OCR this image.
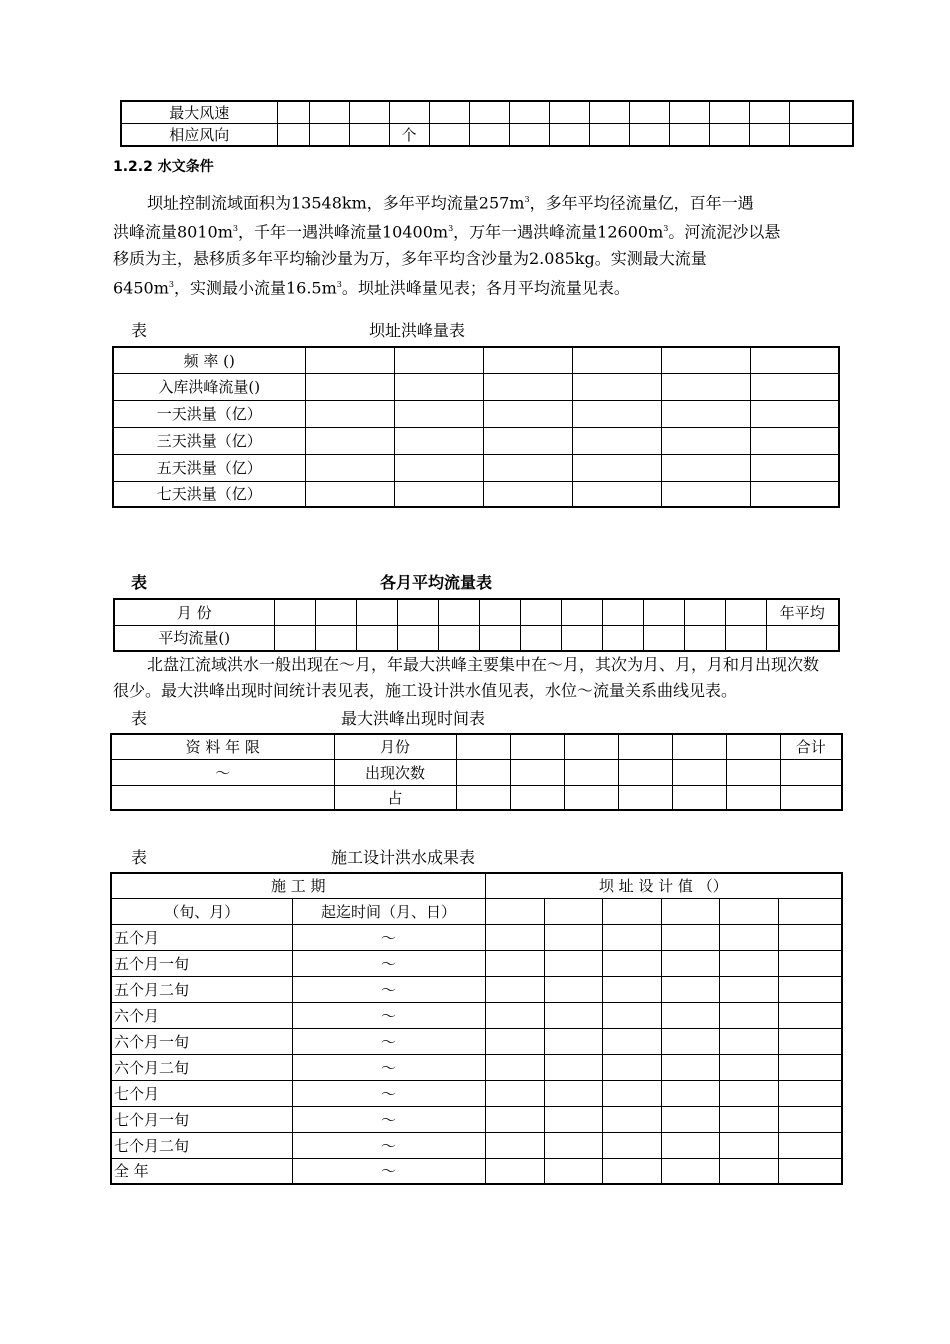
最大风速														
相应风向				个										
1.2.2 水文条件
坝址控制流域面积为13548km，多年平均流量$257m^3$，多年平均径流量亿，百年一遇
洪峰流量$8010m^3$，千年一遇洪峰流量$10400m^3$，万年一遇洪峰流量$12600m^3$。河流泥沙以悬
移质为主，悬移质多年平均输沙量为万，多年平均含沙量为2.085kg。实测最大流量
$6450m^3$，实测最小流量$16.5m^3$。坝址洪峰量见表；各月平均流量见表。
表	坝址洪峰量表
频 率 ()						
入库洪峰流量()						
一天洪量（亿）						
三天洪量（亿）						
五天洪量（亿）						
七天洪量（亿）						
表	各月平均流量表
月 份													年平均
平均流量()													
北盘江流域洪水一般出现在～月，年最大洪峰主要集中在～月，其次为月、月，月和月出现次数
很少。最大洪峰出现时间统计表见表，施工设计洪水值见表，水位～流量关系曲线见表。
表	最大洪峰出现时间表
资 料 年 限	月份							合计
～	出现次数							
	占							
表	施工设计洪水成果表
施 工 期		坝 址 设 计 值 （）					
（旬、月）	起迄时间（月、日）						
五个月	～						
五个月一旬	～						
五个月二旬	～						
六个月	～						
六个月一旬	～						
六个月二旬	～						
七个月	～						
七个月一旬	～						
七个月二旬	～						
全 年	～						
